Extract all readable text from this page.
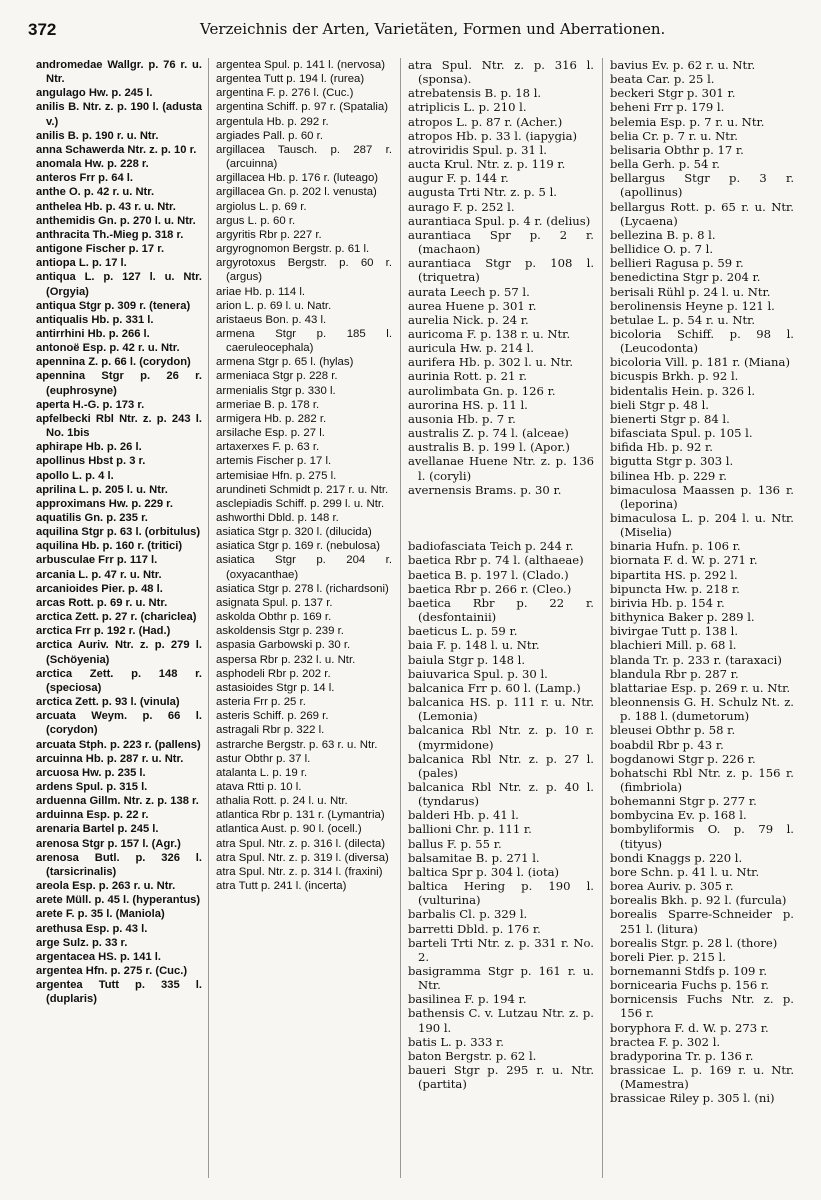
372	Verzeichnis der Arten, Varietäten, Formen und Aberrationen.

andromedae Wallgr. p. 76 r. u. Ntr.

angulago Hw. p. 245 l.

anilis B. Ntr. z. p. 190 l. (adusta v.)

anilis B. p. 190 r. u. Ntr.

anna Schawerda Ntr. z. p. 10 r.

anomala Hw. p. 228 r.

anteros Frr p. 64 l.

anthe O. p. 42 r. u. Ntr.

anthelea Hb. p. 43 r. u. Ntr.

anthemidis Gn. p. 270 l. u. Ntr.

anthracita Th.-Mieg p. 318 r.

antigone Fischer p. 17 r.

antiopa L. p. 17 l.

antiqua L. p. 127 l. u. Ntr. (Orgyia)

antiqua Stgr p. 309 r. (tenera)

antiqualis Hb. p. 331 l.

antirrhini Hb. p. 266 l.

antonoë Esp. p. 42 r. u. Ntr.

apennina Z. p. 66 l. (corydon)

apennina Stgr p. 26 r. (euphrosyne)

aperta H.-G. p. 173 r.

apfelbecki Rbl Ntr. z. p. 243 l. No. 1bis

aphirape Hb. p. 26 l.

apollinus Hbst p. 3 r.

apollo L. p. 4 l.

aprilina L. p. 205 l. u. Ntr.

approximans Hw. p. 229 r.

aquatilis Gn. p. 235 r.

aquilina Stgr p. 63 l. (orbitulus)

aquilina Hb. p. 160 r. (tritici)

arbusculae Frr p. 117 l.

arcania L. p. 47 r. u. Ntr.

arcanioides Pier. p. 48 l.

arcas Rott. p. 69 r. u. Ntr.

arctica Zett. p. 27 r. (chariclea)

arctica Frr p. 192 r. (Had.)

arctica Auriv. Ntr. z. p. 279 l. (Schöyenia)

arctica Zett. p. 148 r. (speciosa)

arctica Zett. p. 93 l. (vinula)

arcuata Weym. p. 66 l. (corydon)

arcuata Stph. p. 223 r. (pallens)

arcuinna Hb. p. 287 r. u. Ntr.

arcuosa Hw. p. 235 l.

ardens Spul. p. 315 l.

arduenna Gillm. Ntr. z. p. 138 r.

arduinna Esp. p. 22 r.

arenaria Bartel p. 245 l.

arenosa Stgr p. 157 l. (Agr.)

arenosa Butl. p. 326 l. (tarsicrinalis)

areola Esp. p. 263 r. u. Ntr.

arete Müll. p. 45 l. (hyperantus)

arete F. p. 35 l. (Maniola)

arethusa Esp. p. 43 l.

arge Sulz. p. 33 r.

argentacea HS. p. 141 l.

argentea Hfn. p. 275 r. (Cuc.)

argentea Tutt p. 335 l. (duplaris)

argentea Spul. p. 141 l. (nervosa)

argentea Tutt p. 194 l. (rurea)

argentina F. p. 276 l. (Cuc.)

argentina Schiff. p. 97 r. (Spatalia)

argentula Hb. p. 292 r.

argiades Pall. p. 60 r.

argillacea Tausch. p. 287 r. (arcuinna)

argillacea Hb. p. 176 r. (luteago)

argillacea Gn. p. 202 l. venusta)

argiolus L. p. 69 r.

argus L. p. 60 r.

argyritis Rbr p. 227 r.

argyrognomon Bergstr. p. 61 l.

argyrotoxus Bergstr. p. 60 r. (argus)

ariae Hb. p. 114 l.

arion L. p. 69 l. u. Natr.

aristaeus Bon. p. 43 l.

armena Stgr p. 185 l. caeruleocephala)

armena Stgr p. 65 l. (hylas)

armeniaca Stgr p. 228 r.

armenialis Stgr p. 330 l.

armeriae B. p. 178 r.

armigera Hb. p. 282 r.

arsilache Esp. p. 27 l.

artaxerxes F. p. 63 r.

artemis Fischer p. 17 l.

artemisiae Hfn. p. 275 l.

arundineti Schmidt p. 217 r. u. Ntr.

asclepiadis Schiff. p. 299 l. u. Ntr.

ashworthi Dbld. p. 148 r.

asiatica Stgr p. 320 l. (dilucida)

asiatica Stgr p. 169 r. (nebulosa)

asiatica Stgr p. 204 r. (oxyacanthae)

asiatica Stgr p. 278 l. (richardsoni)

asignata Spul. p. 137 r.

askolda Obthr p. 169 r.

askoldensis Stgr p. 239 r.

aspasia Garbowski p. 30 r.

aspersa Rbr p. 232 l. u. Ntr.

asphodeli Rbr p. 202 r.

astasioides Stgr p. 14 l.

asteria Frr p. 25 r.

asteris Schiff. p. 269 r.

astragali Rbr p. 322 l.

astrarche Bergstr. p. 63 r. u. Ntr.

astur Obthr p. 37 l.

atalanta L. p. 19 r.

atava Rtti p. 10 l.

athalia Rott. p. 24 l. u. Ntr.

atlantica Rbr p. 131 r. (Lymantria)

atlantica Aust. p. 90 l. (ocell.)

atra Spul. Ntr. z. p. 316 l. (dilecta)

atra Spul. Ntr. z. p. 319 l. (diversa)

atra Spul. Ntr. z. p. 314 l. (fraxini)

atra Tutt p. 241 l. (incerta)

atra Spul. Ntr. z. p. 316 l. (sponsa).

atrebatensis B. p. 18 l.

atriplicis L. p. 210 l.

atropos L. p. 87 r. (Acher.)

atropos Hb. p. 33 l. (iapygia)

atroviridis Spul. p. 31 l.

aucta Krul. Ntr. z. p. 119 r.

augur F. p. 144 r.

augusta Trti Ntr. z. p. 5 l.

aurago F. p. 252 l.

aurantiaca Spul. p. 4 r. (delius)

aurantiaca Spr p. 2 r. (machaon)

aurantiaca Stgr p. 108 l. (triquetra)

aurata Leech p. 57 l.

aurea Huene p. 301 r.

aurelia Nick. p. 24 r.

auricoma F. p. 138 r. u. Ntr.

auricula Hw. p. 214 l.

aurifera Hb. p. 302 l. u. Ntr.

aurinia Rott. p. 21 r.

aurolimbata Gn. p. 126 r.

aurorina HS. p. 11 l.

ausonia Hb. p. 7 r.

australis Z. p. 74 l. (alceae)

australis B. p. 199 l. (Apor.)

avellanae Huene Ntr. z. p. 136 l. (coryli)

avernensis Brams. p. 30 r.

badiofasciata Teich p. 244 r.

baetica Rbr p. 74 l. (althaeae)

baetica B. p. 197 l. (Clado.)

baetica Rbr p. 266 r. (Cleo.)

baetica Rbr p. 22 r. (desfontainii)

baeticus L. p. 59 r.

baia F. p. 148 l. u. Ntr.

baiula Stgr p. 148 l.

baiuvarica Spul. p. 30 l.

balcanica Frr p. 60 l. (Lamp.)

balcanica HS. p. 111 r. u. Ntr. (Lemonia)

balcanica Rbl Ntr. z. p. 10 r. (myrmidone)

balcanica Rbl Ntr. z. p. 27 l. (pales)

balcanica Rbl Ntr. z. p. 40 l. (tyndarus)

balderi Hb. p. 41 l.

ballioni Chr. p. 111 r.

ballus F. p. 55 r.

balsamitae B. p. 271 l.

baltica Spr p. 304 l. (iota)

baltica Hering p. 190 l. (vulturina)

barbalis Cl. p. 329 l.

barretti Dbld. p. 176 r.

barteli Trti Ntr. z. p. 331 r. No. 2.

basigramma Stgr p. 161 r. u. Ntr.

basilinea F. p. 194 r.

bathensis C. v. Lutzau Ntr. z. p. 190 l.

batis L. p. 333 r.

baton Bergstr. p. 62 l.

baueri Stgr p. 295 r. u. Ntr. (partita)

bavius Ev. p. 62 r. u. Ntr.

beata Car. p. 25 l.

beckeri Stgr p. 301 r.

beheni Frr p. 179 l.

belemia Esp. p. 7 r. u. Ntr.

belia Cr. p. 7 r. u. Ntr.

belisaria Obthr p. 17 r.

bella Gerh. p. 54 r.

bellargus Stgr p. 3 r. (apollinus)

bellargus Rott. p. 65 r. u. Ntr. (Lycaena)

bellezina B. p. 8 l.

bellidice O. p. 7 l.

bellieri Ragusa p. 59 r.

benedictina Stgr p. 204 r.

berisali Rühl p. 24 l. u. Ntr.

berolinensis Heyne p. 121 l.

betulae L. p. 54 r. u. Ntr.

bicoloria Schiff. p. 98 l. (Leucodonta)

bicoloria Vill. p. 181 r. (Miana)

bicuspis Brkh. p. 92 l.

bidentalis Hein. p. 326 l.

bieli Stgr p. 48 l.

bienerti Stgr p. 84 l.

bifasciata Spul. p. 105 l.

bifida Hb. p. 92 r.

bigutta Stgr p. 303 l.

bilinea Hb. p. 229 r.

bimaculosa Maassen p. 136 r. (leporina)

bimaculosa L. p. 204 l. u. Ntr. (Miselia)

binaria Hufn. p. 106 r.

biornata F. d. W. p. 271 r.

bipartita HS. p. 292 l.

bipuncta Hw. p. 218 r.

birivia Hb. p. 154 r.

bithynica Baker p. 289 l.

bivirgae Tutt p. 138 l.

blachieri Mill. p. 68 l.

blanda Tr. p. 233 r. (taraxaci)

blandula Rbr p. 287 r.

blattariae Esp. p. 269 r. u. Ntr.

bleonnensis G. H. Schulz Nt. z. p. 188 l. (dumetorum)

bleusei Obthr p. 58 r.

boabdil Rbr p. 43 r.

bogdanowi Stgr p. 226 r.

bohatschi Rbl Ntr. z. p. 156 r. (fimbriola)

bohemanni Stgr p. 277 r.

bombycina Ev. p. 168 l.

bombyliformis O. p. 79 l. (tityus)

bondi Knaggs p. 220 l.

bore Schn. p. 41 l. u. Ntr.

borea Auriv. p. 305 r.

borealis Bkh. p. 92 l. (furcula)

borealis Sparre-Schneider p. 251 l. (litura)

borealis Stgr. p. 28 l. (thore)

boreli Pier. p. 215 l.

bornemanni Stdfs p. 109 r.

bornicearia Fuchs p. 156 r.

bornicensis Fuchs Ntr. z. p. 156 r.

boryphora F. d. W. p. 273 r.

bractea F. p. 302 l.

bradyporina Tr. p. 136 r.

brassicae L. p. 169 r. u. Ntr. (Mamestra)

brassicae Riley p. 305 l. (ni)
